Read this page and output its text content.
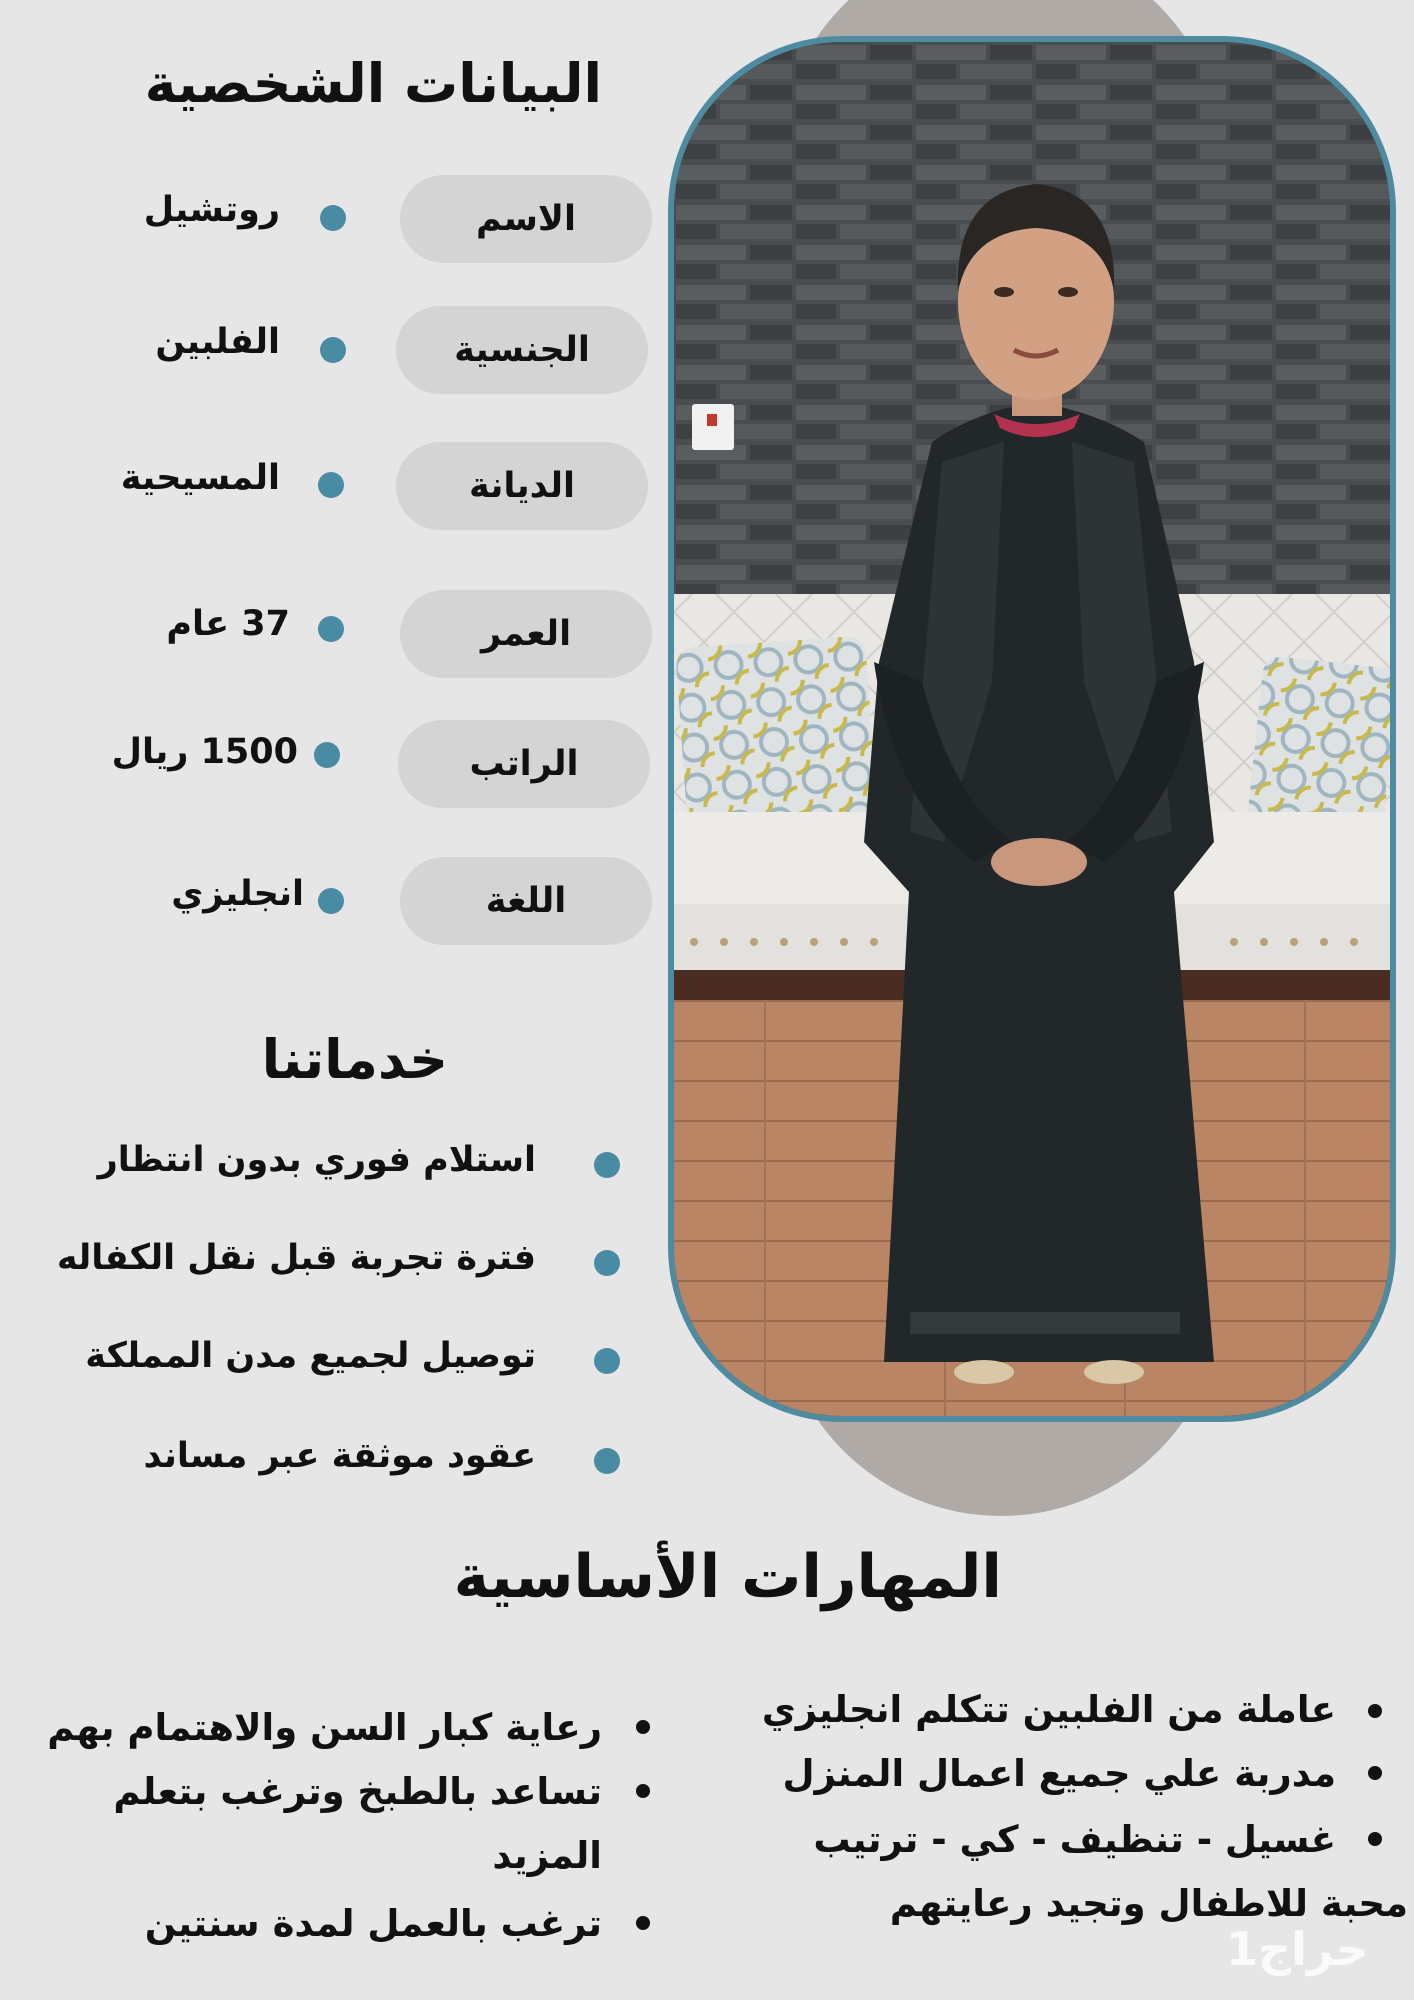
البيانات الشخصية
الاسم
روتشيل
الجنسية
الفلبين
الديانة
المسيحية
العمر
37 عام
الراتب
1500 ريال
اللغة
انجليزي
خدماتنا
استلام فوري بدون انتظار
فترة تجربة قبل نقل الكفاله
توصيل لجميع مدن المملكة
عقود موثقة عبر مساند
المهارات الأساسية
عاملة من الفلبين تتكلم انجليزي
مدربة علي جميع اعمال المنزل
غسيل - تنظيف - كي - ترتيب
محبة للاطفال وتجيد رعايتهم
رعاية كبار السن والاهتمام بهم
تساعد بالطبخ وترغب بتعلم
المزيد
ترغب بالعمل لمدة سنتين	حراج1
